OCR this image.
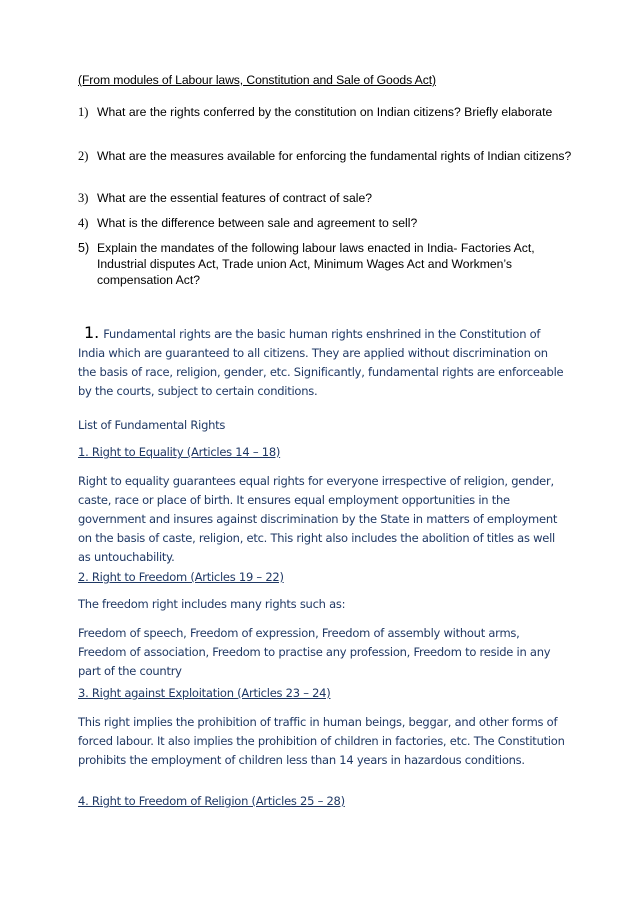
(From modules of Labour laws, Constitution and Sale of Goods Act)
1) What are the rights conferred by the constitution on Indian citizens? Briefly elaborate
2) What are the measures available for enforcing the fundamental rights of Indian citizens?
3) What are the essential features of contract of sale?
4) What is the difference between sale and agreement to sell?
5) Explain the mandates of the following labour laws enacted in India- Factories Act, Industrial disputes Act, Trade union Act, Minimum Wages Act and Workmen’s compensation Act?
1. Fundamental rights are the basic human rights enshrined in the Constitution of India which are guaranteed to all citizens. They are applied without discrimination on the basis of race, religion, gender, etc. Significantly, fundamental rights are enforceable by the courts, subject to certain conditions.
List of Fundamental Rights
1. Right to Equality (Articles 14 – 18)
Right to equality guarantees equal rights for everyone irrespective of religion, gender, caste, race or place of birth. It ensures equal employment opportunities in the government and insures against discrimination by the State in matters of employment on the basis of caste, religion, etc. This right also includes the abolition of titles as well as untouchability.
2. Right to Freedom (Articles 19 – 22)
The freedom right includes many rights such as:
Freedom of speech, Freedom of expression, Freedom of assembly without arms, Freedom of association, Freedom to practise any profession, Freedom to reside in any part of the country
3. Right against Exploitation (Articles 23 – 24)
This right implies the prohibition of traffic in human beings, beggar, and other forms of forced labour. It also implies the prohibition of children in factories, etc. The Constitution prohibits the employment of children less than 14 years in hazardous conditions.
4. Right to Freedom of Religion (Articles 25 – 28)
